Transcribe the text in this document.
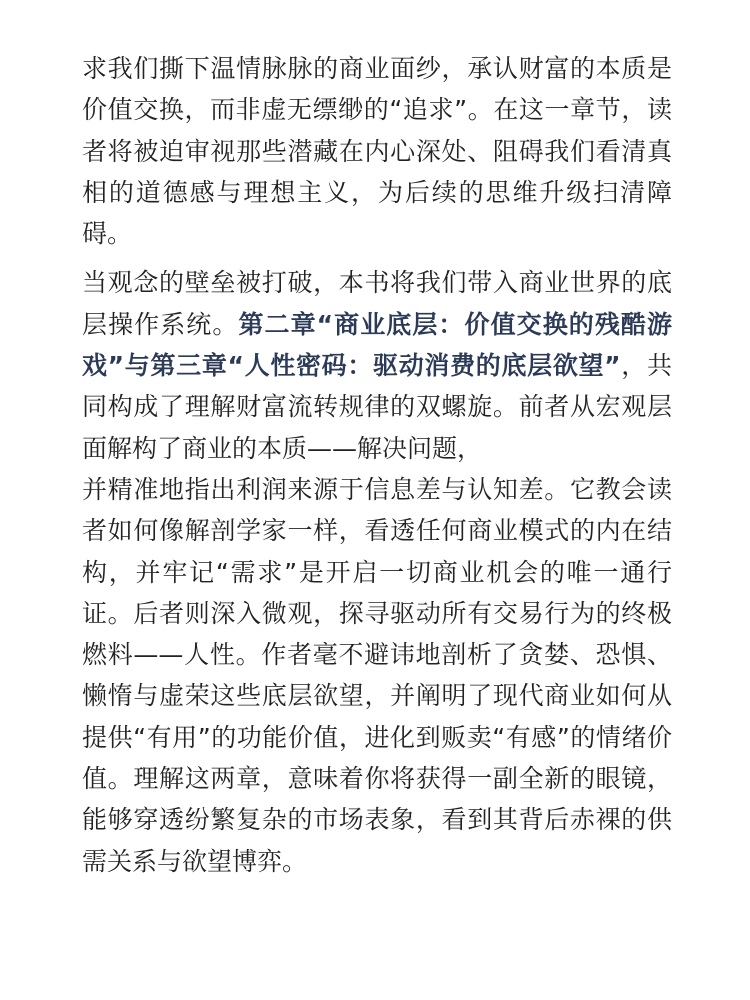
求我们撕下温情脉脉的商业面纱，承认财富的本质是价值交换，而非虚无缥缈的“追求”。在这一章节，读者将被迫审视那些潜藏在内心深处、阻碍我们看清真相的道德感与理想主义，为后续的思维升级扫清障碍。

当观念的壁垒被打破，本书将我们带入商业世界的底层操作系统。第二章“商业底层：价值交换的残酷游戏”与第三章“人性密码：驱动消费的底层欲望”，共同构成了理解财富流转规律的双螺旋。前者从宏观层面解构了商业的本质——解决问题，
并精准地指出利润来源于信息差与认知差。它教会读者如何像解剖学家一样，看透任何商业模式的内在结构，并牢记“需求”是开启一切商业机会的唯一通行证。后者则深入微观，探寻驱动所有交易行为的终极燃料——人性。作者毫不避讳地剖析了贪婪、恐惧、懒惰与虚荣这些底层欲望，并阐明了现代商业如何从提供“有用”的功能价值，进化到贩卖“有感”的情绪价值。理解这两章，意味着你将获得一副全新的眼镜，能够穿透纷繁复杂的市场表象，看到其背后赤裸的供需关系与欲望博弈。
